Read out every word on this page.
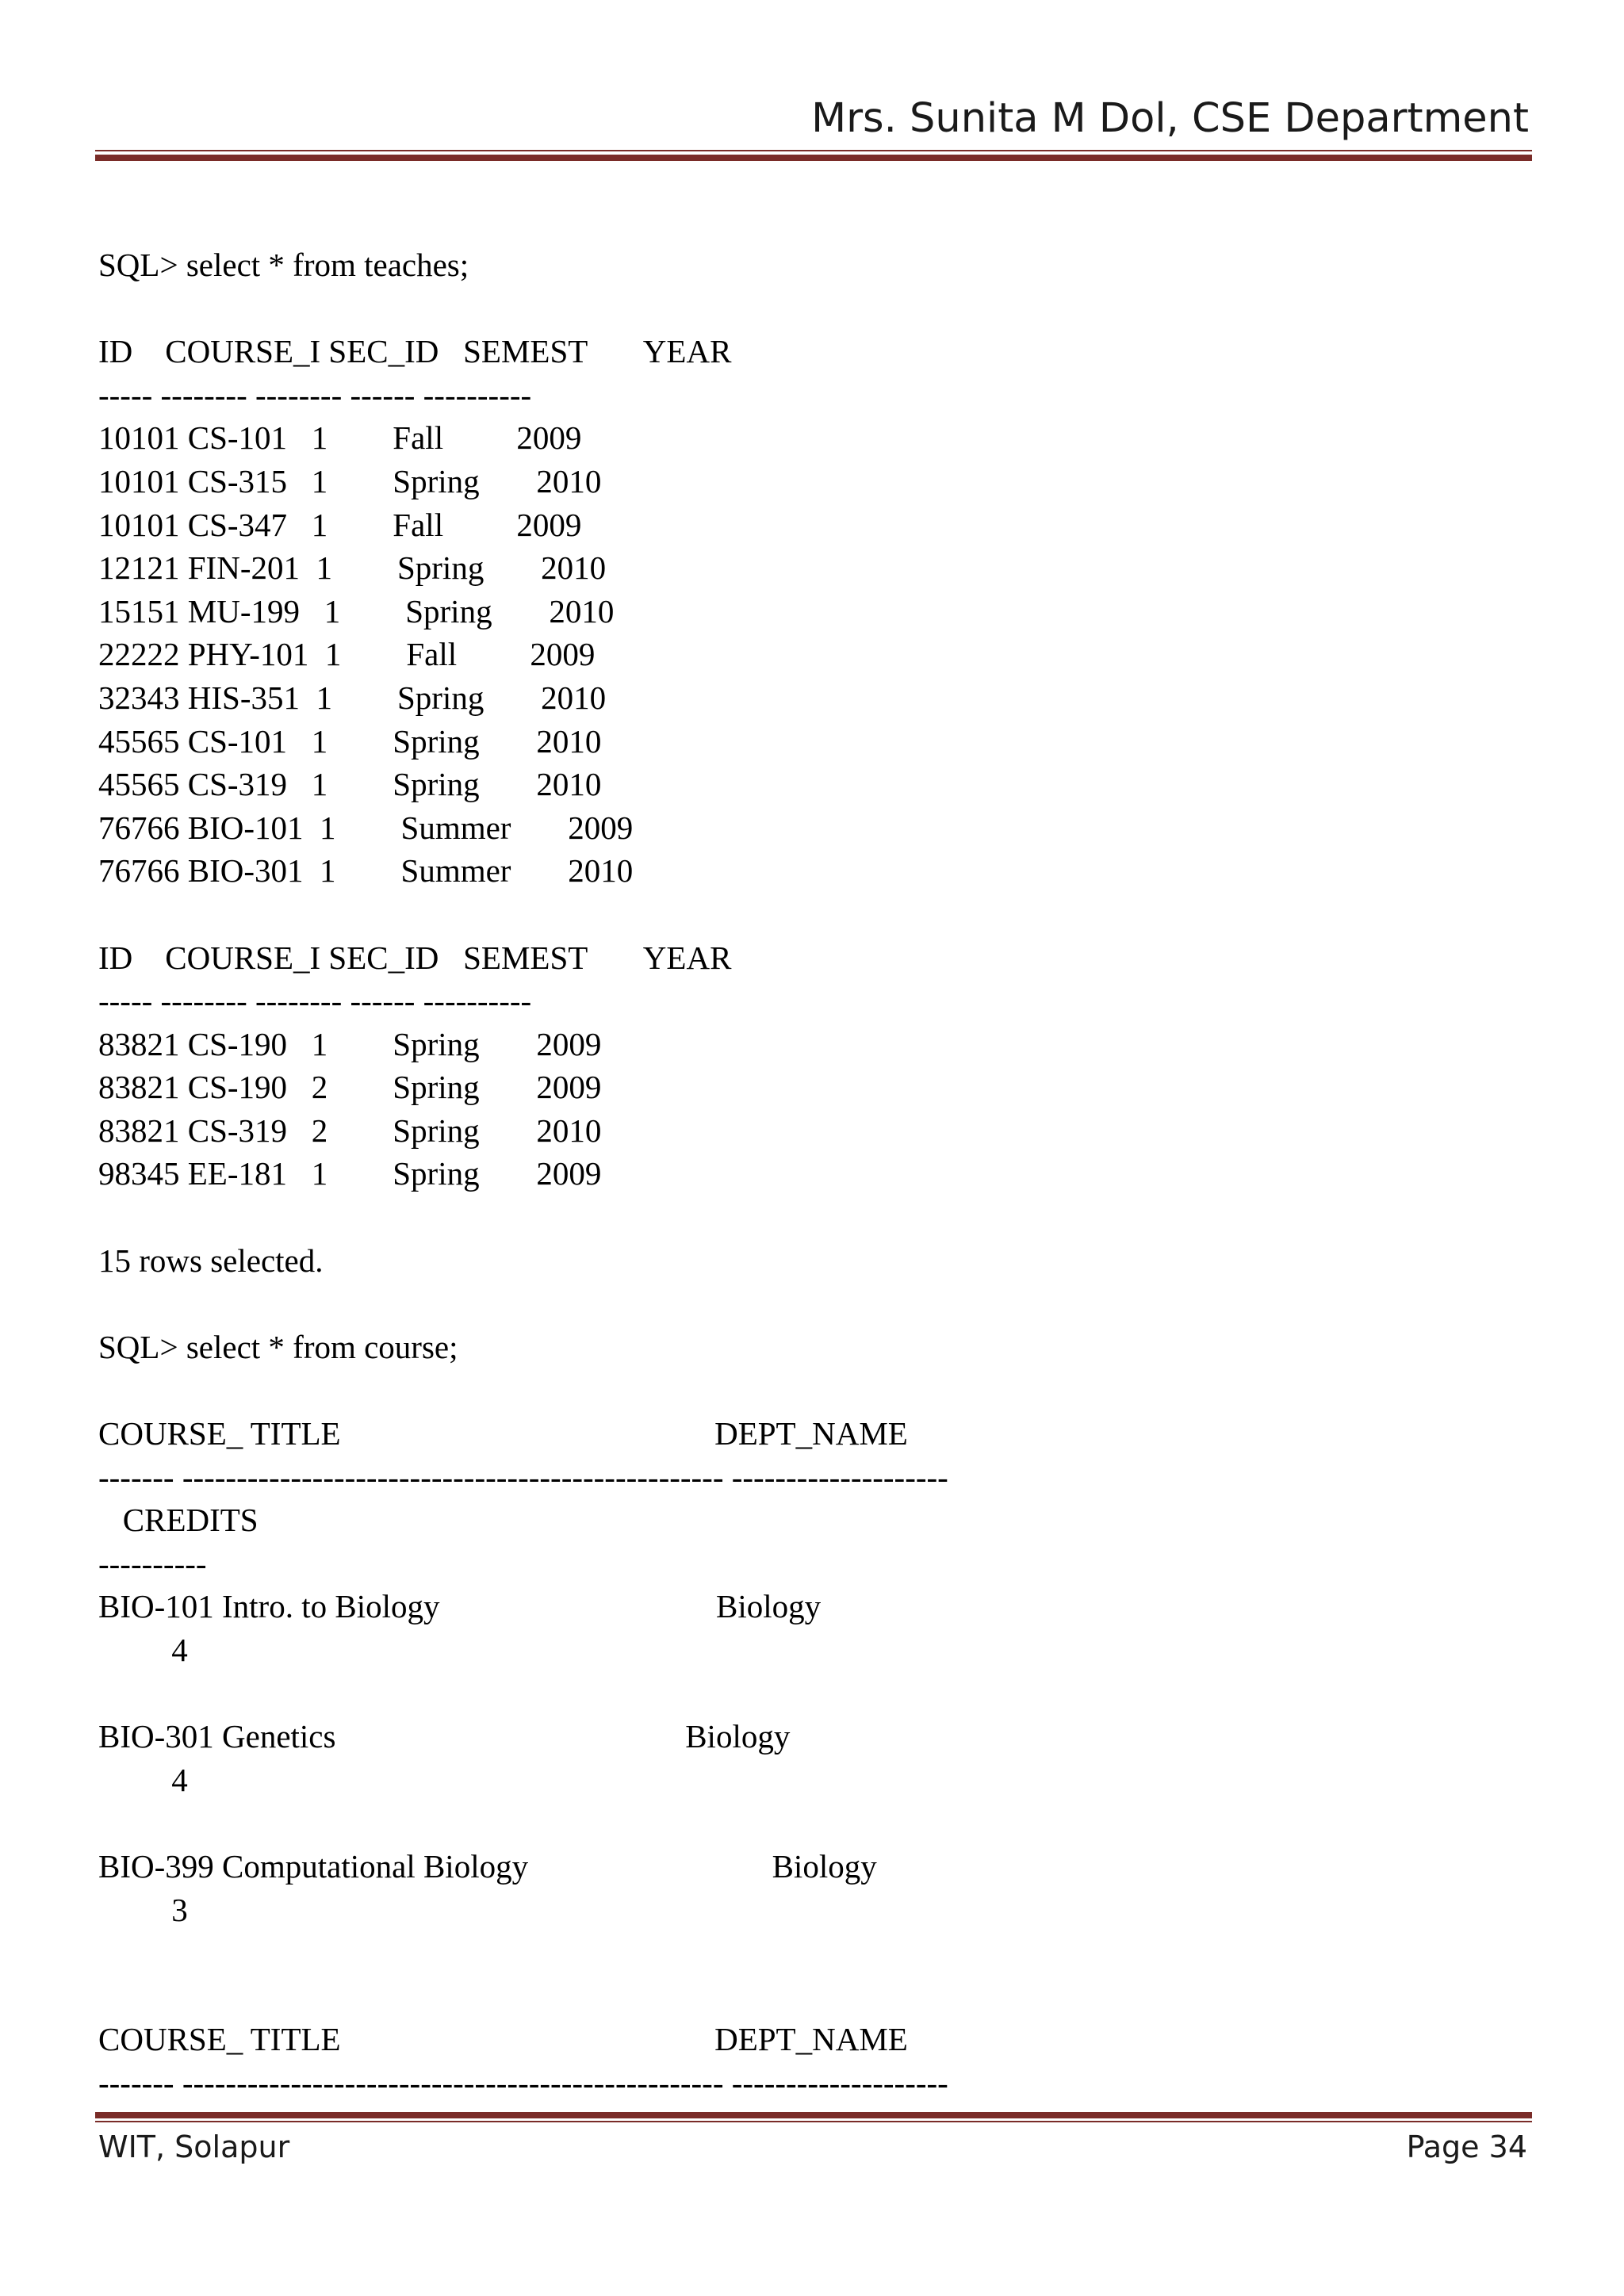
Mrs. Sunita M Dol, CSE Department
SQL> select * from teaches;

ID    COURSE_I SEC_ID   SEMEST       YEAR
----- -------- -------- ------ ----------
10101 CS-101   1        Fall         2009
10101 CS-315   1        Spring       2010
10101 CS-347   1        Fall         2009
12121 FIN-201  1        Spring       2010
15151 MU-199   1        Spring       2010
22222 PHY-101  1        Fall         2009
32343 HIS-351  1        Spring       2010
45565 CS-101   1        Spring       2010
45565 CS-319   1        Spring       2010
76766 BIO-101  1        Summer       2009
76766 BIO-301  1        Summer       2010

ID    COURSE_I SEC_ID   SEMEST       YEAR
----- -------- -------- ------ ----------
83821 CS-190   1        Spring       2009
83821 CS-190   2        Spring       2009
83821 CS-319   2        Spring       2010
98345 EE-181   1        Spring       2009

15 rows selected.

SQL> select * from course;

COURSE_ TITLE                                              DEPT_NAME
------- -------------------------------------------------- --------------------
CREDITS
----------
BIO-101 Intro. to Biology                                  Biology
4

BIO-301 Genetics                                           Biology
4

BIO-399 Computational Biology                              Biology
3

COURSE_ TITLE                                              DEPT_NAME
------- -------------------------------------------------- --------------------
WIT, Solapur	Page 34
